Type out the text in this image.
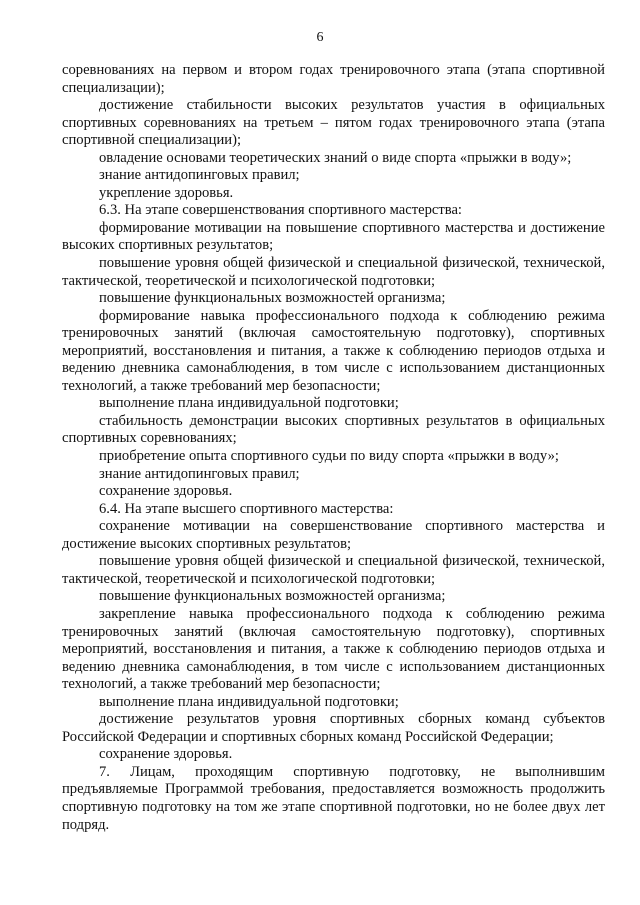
6

соревнованиях на первом и втором годах тренировочного этапа (этапа спортивной специализации);

достижение стабильности высоких результатов участия в официальных спортивных соревнованиях на третьем – пятом годах тренировочного этапа (этапа спортивной специализации);

овладение основами теоретических знаний о виде спорта «прыжки в воду»;

знание антидопинговых правил;

укрепление здоровья.

6.3. На этапе совершенствования спортивного мастерства:

формирование мотивации на повышение спортивного мастерства и достижение высоких спортивных результатов;

повышение уровня общей физической и специальной физической, технической, тактической, теоретической и психологической подготовки;

повышение функциональных возможностей организма;

формирование навыка профессионального подхода к соблюдению режима тренировочных занятий (включая самостоятельную подготовку), спортивных мероприятий, восстановления и питания, а также к соблюдению периодов отдыха и ведению дневника самонаблюдения, в том числе с использованием дистанционных технологий, а также требований мер безопасности;

выполнение плана индивидуальной подготовки;

стабильность демонстрации высоких спортивных результатов в официальных спортивных соревнованиях;

приобретение опыта спортивного судьи по виду спорта «прыжки в воду»;

знание антидопинговых правил;

сохранение здоровья.

6.4. На этапе высшего спортивного мастерства:

сохранение мотивации на совершенствование спортивного мастерства и достижение высоких спортивных результатов;

повышение уровня общей физической и специальной физической, технической, тактической, теоретической и психологической подготовки;

повышение функциональных возможностей организма;

закрепление навыка профессионального подхода к соблюдению режима тренировочных занятий (включая самостоятельную подготовку), спортивных мероприятий, восстановления и питания, а также к соблюдению периодов отдыха и ведению дневника самонаблюдения, в том числе с использованием дистанционных технологий, а также требований мер безопасности;

выполнение плана индивидуальной подготовки;

достижение результатов уровня спортивных сборных команд субъектов Российской Федерации и спортивных сборных команд Российской Федерации;

сохранение здоровья.

7. Лицам, проходящим спортивную подготовку, не выполнившим предъявляемые Программой требования, предоставляется возможность продолжить спортивную подготовку на том же этапе спортивной подготовки, но не более двух лет подряд.
